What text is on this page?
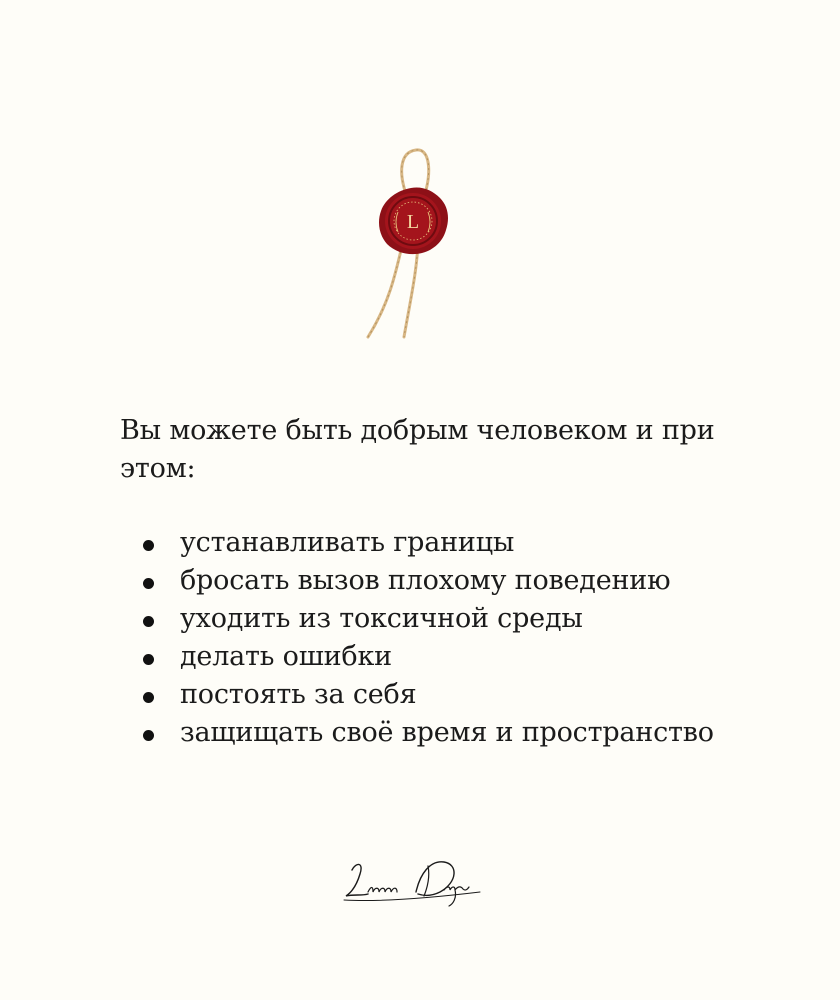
L

Вы можете быть добрым человеком и при этом:

устанавливать границы
бросать вызов плохому поведению
уходить из токсичной среды
делать ошибки
постоять за себя
защищать своё время и пространство
